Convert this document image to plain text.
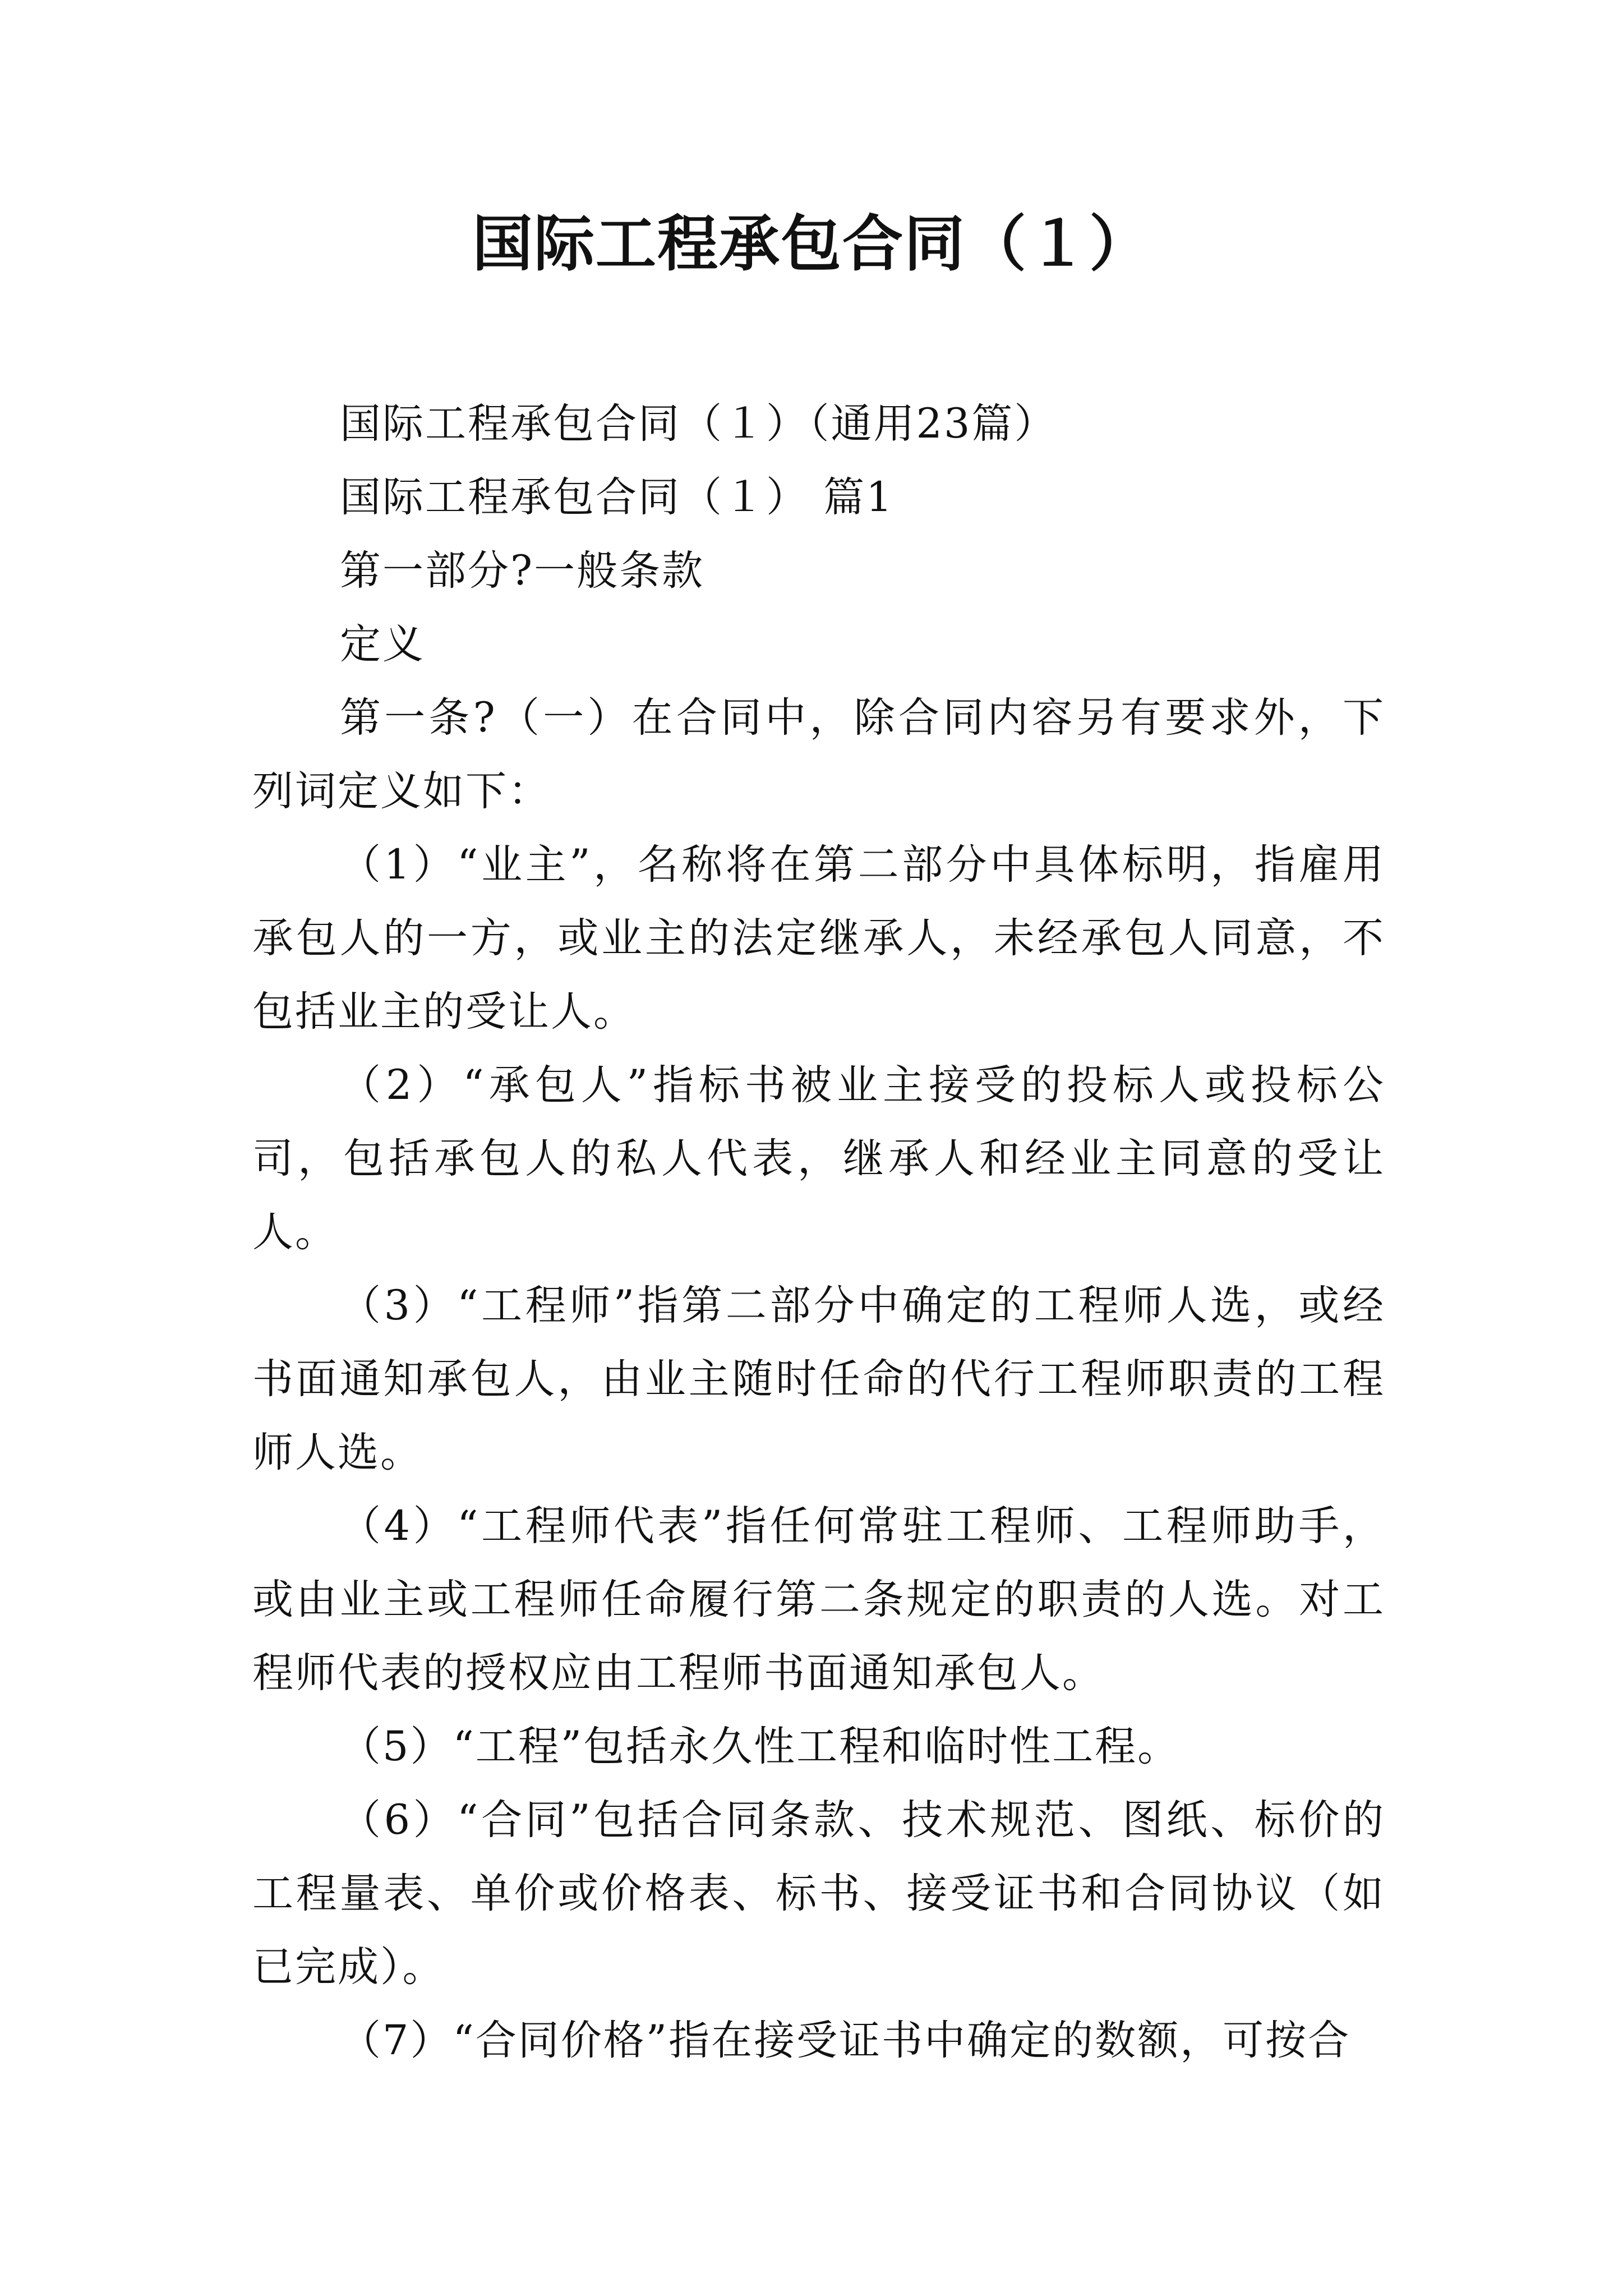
国际工程承包合同（１）

国际工程承包合同（１）（通用23篇）

国际工程承包合同（１） 篇1

第一部分?一般条款

定义

第一条?（一）在合同中，除合同内容另有要求外，下列词定义如下：

（1）“业主”，名称将在第二部分中具体标明，指雇用承包人的一方，或业主的法定继承人，未经承包人同意，不包括业主的受让人。

（2）“承包人”指标书被业主接受的投标人或投标公司，包括承包人的私人代表，继承人和经业主同意的受让人。

（3）“工程师”指第二部分中确定的工程师人选，或经书面通知承包人，由业主随时任命的代行工程师职责的工程师人选。

（4）“工程师代表”指任何常驻工程师、工程师助手，或由业主或工程师任命履行第二条规定的职责的人选。对工程师代表的授权应由工程师书面通知承包人。

（5）“工程”包括永久性工程和临时性工程。

（6）“合同”包括合同条款、技术规范、图纸、标价的工程量表、单价或价格表、标书、接受证书和合同协议（如已完成）。

（7）“合同价格”指在接受证书中确定的数额，可按合
